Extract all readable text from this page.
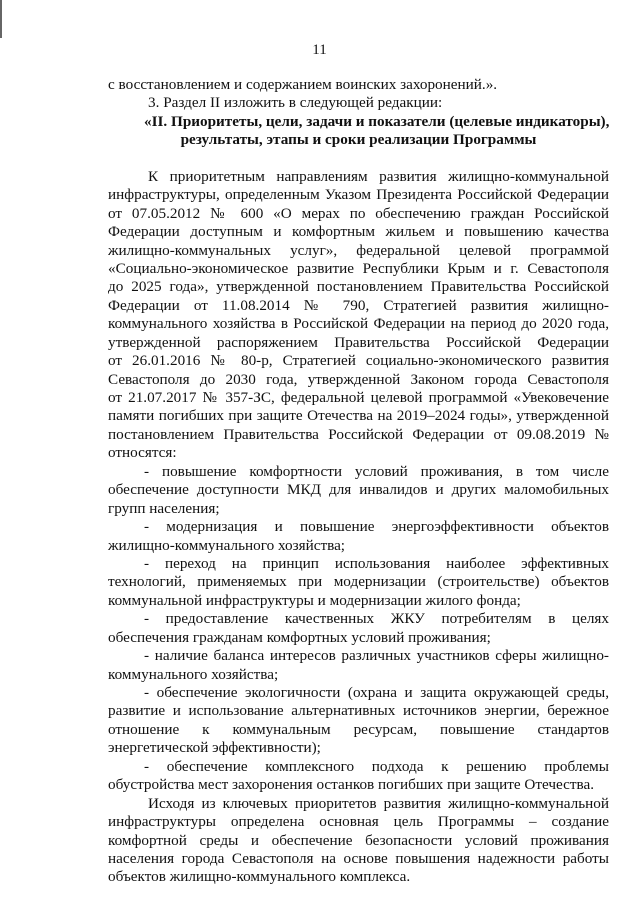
11
с восстановлением и содержанием воинских захоронений.».
3. Раздел II изложить в следующей редакции:
«II. Приоритеты, цели, задачи и показатели (целевые индикаторы),
результаты, этапы и сроки реализации Программы
К приоритетным направлениям развития жилищно-коммунальной
инфраструктуры, определенным Указом Президента Российской Федерации
от 07.05.2012 № 600 «О мерах по обеспечению граждан Российской
Федерации доступным и комфортным жильем и повышению качества
жилищно-коммунальных услуг», федеральной целевой программой
«Социально-экономическое развитие Республики Крым и г. Севастополя
до 2025 года», утвержденной постановлением Правительства Российской
Федерации от 11.08.2014 № 790, Стратегией развития жилищно-
коммунального хозяйства в Российской Федерации на период до 2020 года,
утвержденной распоряжением Правительства Российской Федерации
от 26.01.2016 № 80-р, Стратегией социально-экономического развития
Севастополя до 2030 года, утвержденной Законом города Севастополя
от 21.07.2017 № 357-ЗС, федеральной целевой программой «Увековечение
памяти погибших при защите Отечества на 2019–2024 годы», утвержденной
постановлением Правительства Российской Федерации от 09.08.2019 №
относятся:
- повышение комфортности условий проживания, в том числе
обеспечение доступности МКД для инвалидов и других маломобильных
групп населения;
- модернизация и повышение энергоэффективности объектов
жилищно-коммунального хозяйства;
- переход на принцип использования наиболее эффективных
технологий, применяемых при модернизации (строительстве) объектов
коммунальной инфраструктуры и модернизации жилого фонда;
- предоставление качественных ЖКУ потребителям в целях
обеспечения гражданам комфортных условий проживания;
- наличие баланса интересов различных участников сферы жилищно-
коммунального хозяйства;
- обеспечение экологичности (охрана и защита окружающей среды,
развитие и использование альтернативных источников энергии, бережное
отношение к коммунальным ресурсам, повышение стандартов
энергетической эффективности);
- обеспечение комплексного подхода к решению проблемы
обустройства мест захоронения останков погибших при защите Отечества.
Исходя из ключевых приоритетов развития жилищно-коммунальной
инфраструктуры определена основная цель Программы – создание
комфортной среды и обеспечение безопасности условий проживания
населения города Севастополя на основе повышения надежности работы
объектов жилищно-коммунального комплекса.
